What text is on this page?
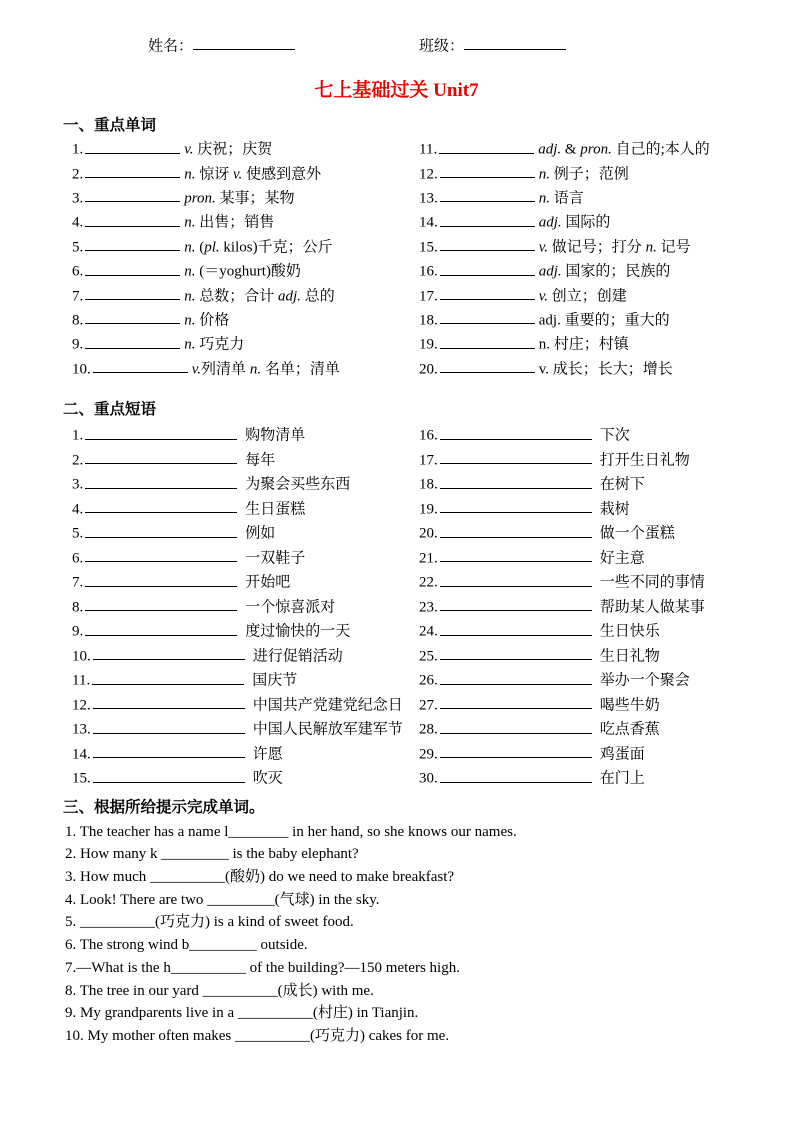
姓名：	班级：
七上基础过关 Unit7
一、重点单词
1.	v. 庆祝；庆贺
2.	n. 惊讶 v. 使感到意外
3.	pron. 某事；某物
4.	n. 出售；销售
5.	n. (pl. kilos)千克；公斤
6.	n. (＝yoghurt)酸奶
7.	n. 总数；合计 adj. 总的
8.	n. 价格
9.	n. 巧克力
10.	v.列清单 n. 名单；清单
11.	adj. & pron. 自己的;本人的
12.	n. 例子；范例
13.	n. 语言
14.	adj. 国际的
15.	v. 做记号；打分 n. 记号
16.	adj. 国家的；民族的
17.	v. 创立；创建
18.	adj. 重要的；重大的
19.	n. 村庄；村镇
20.	v. 成长；长大；增长
二、重点短语
1.	购物清单
2.	每年
3.	为聚会买些东西
4.	生日蛋糕
5.	例如
6.	一双鞋子
7.	开始吧
8.	一个惊喜派对
9.	度过愉快的一天
10.	进行促销活动
11.	国庆节
12.	中国共产党建党纪念日
13.	中国人民解放军建军节
14.	许愿
15.	吹灭
16.	下次
17.	打开生日礼物
18.	在树下
19.	栽树
20.	做一个蛋糕
21.	好主意
22.	一些不同的事情
23.	帮助某人做某事
24.	生日快乐
25.	生日礼物
26.	举办一个聚会
27.	喝些牛奶
28.	吃点香蕉
29.	鸡蛋面
30.	在门上
三、根据所给提示完成单词。
1. The teacher has a name l________ in her hand, so she knows our names.
2. How many k _________ is the baby elephant?
3. How much __________(酸奶) do we need to make breakfast?
4. Look! There are two _________(气球) in the sky.
5. __________(巧克力) is a kind of sweet food.
6. The strong wind b_________ outside.
7.—What is the h__________ of the building?—150 meters high.
8. The tree in our yard __________(成长) with me.
9. My grandparents live in a __________(村庄) in Tianjin.
10. My mother often makes __________(巧克力) cakes for me.
